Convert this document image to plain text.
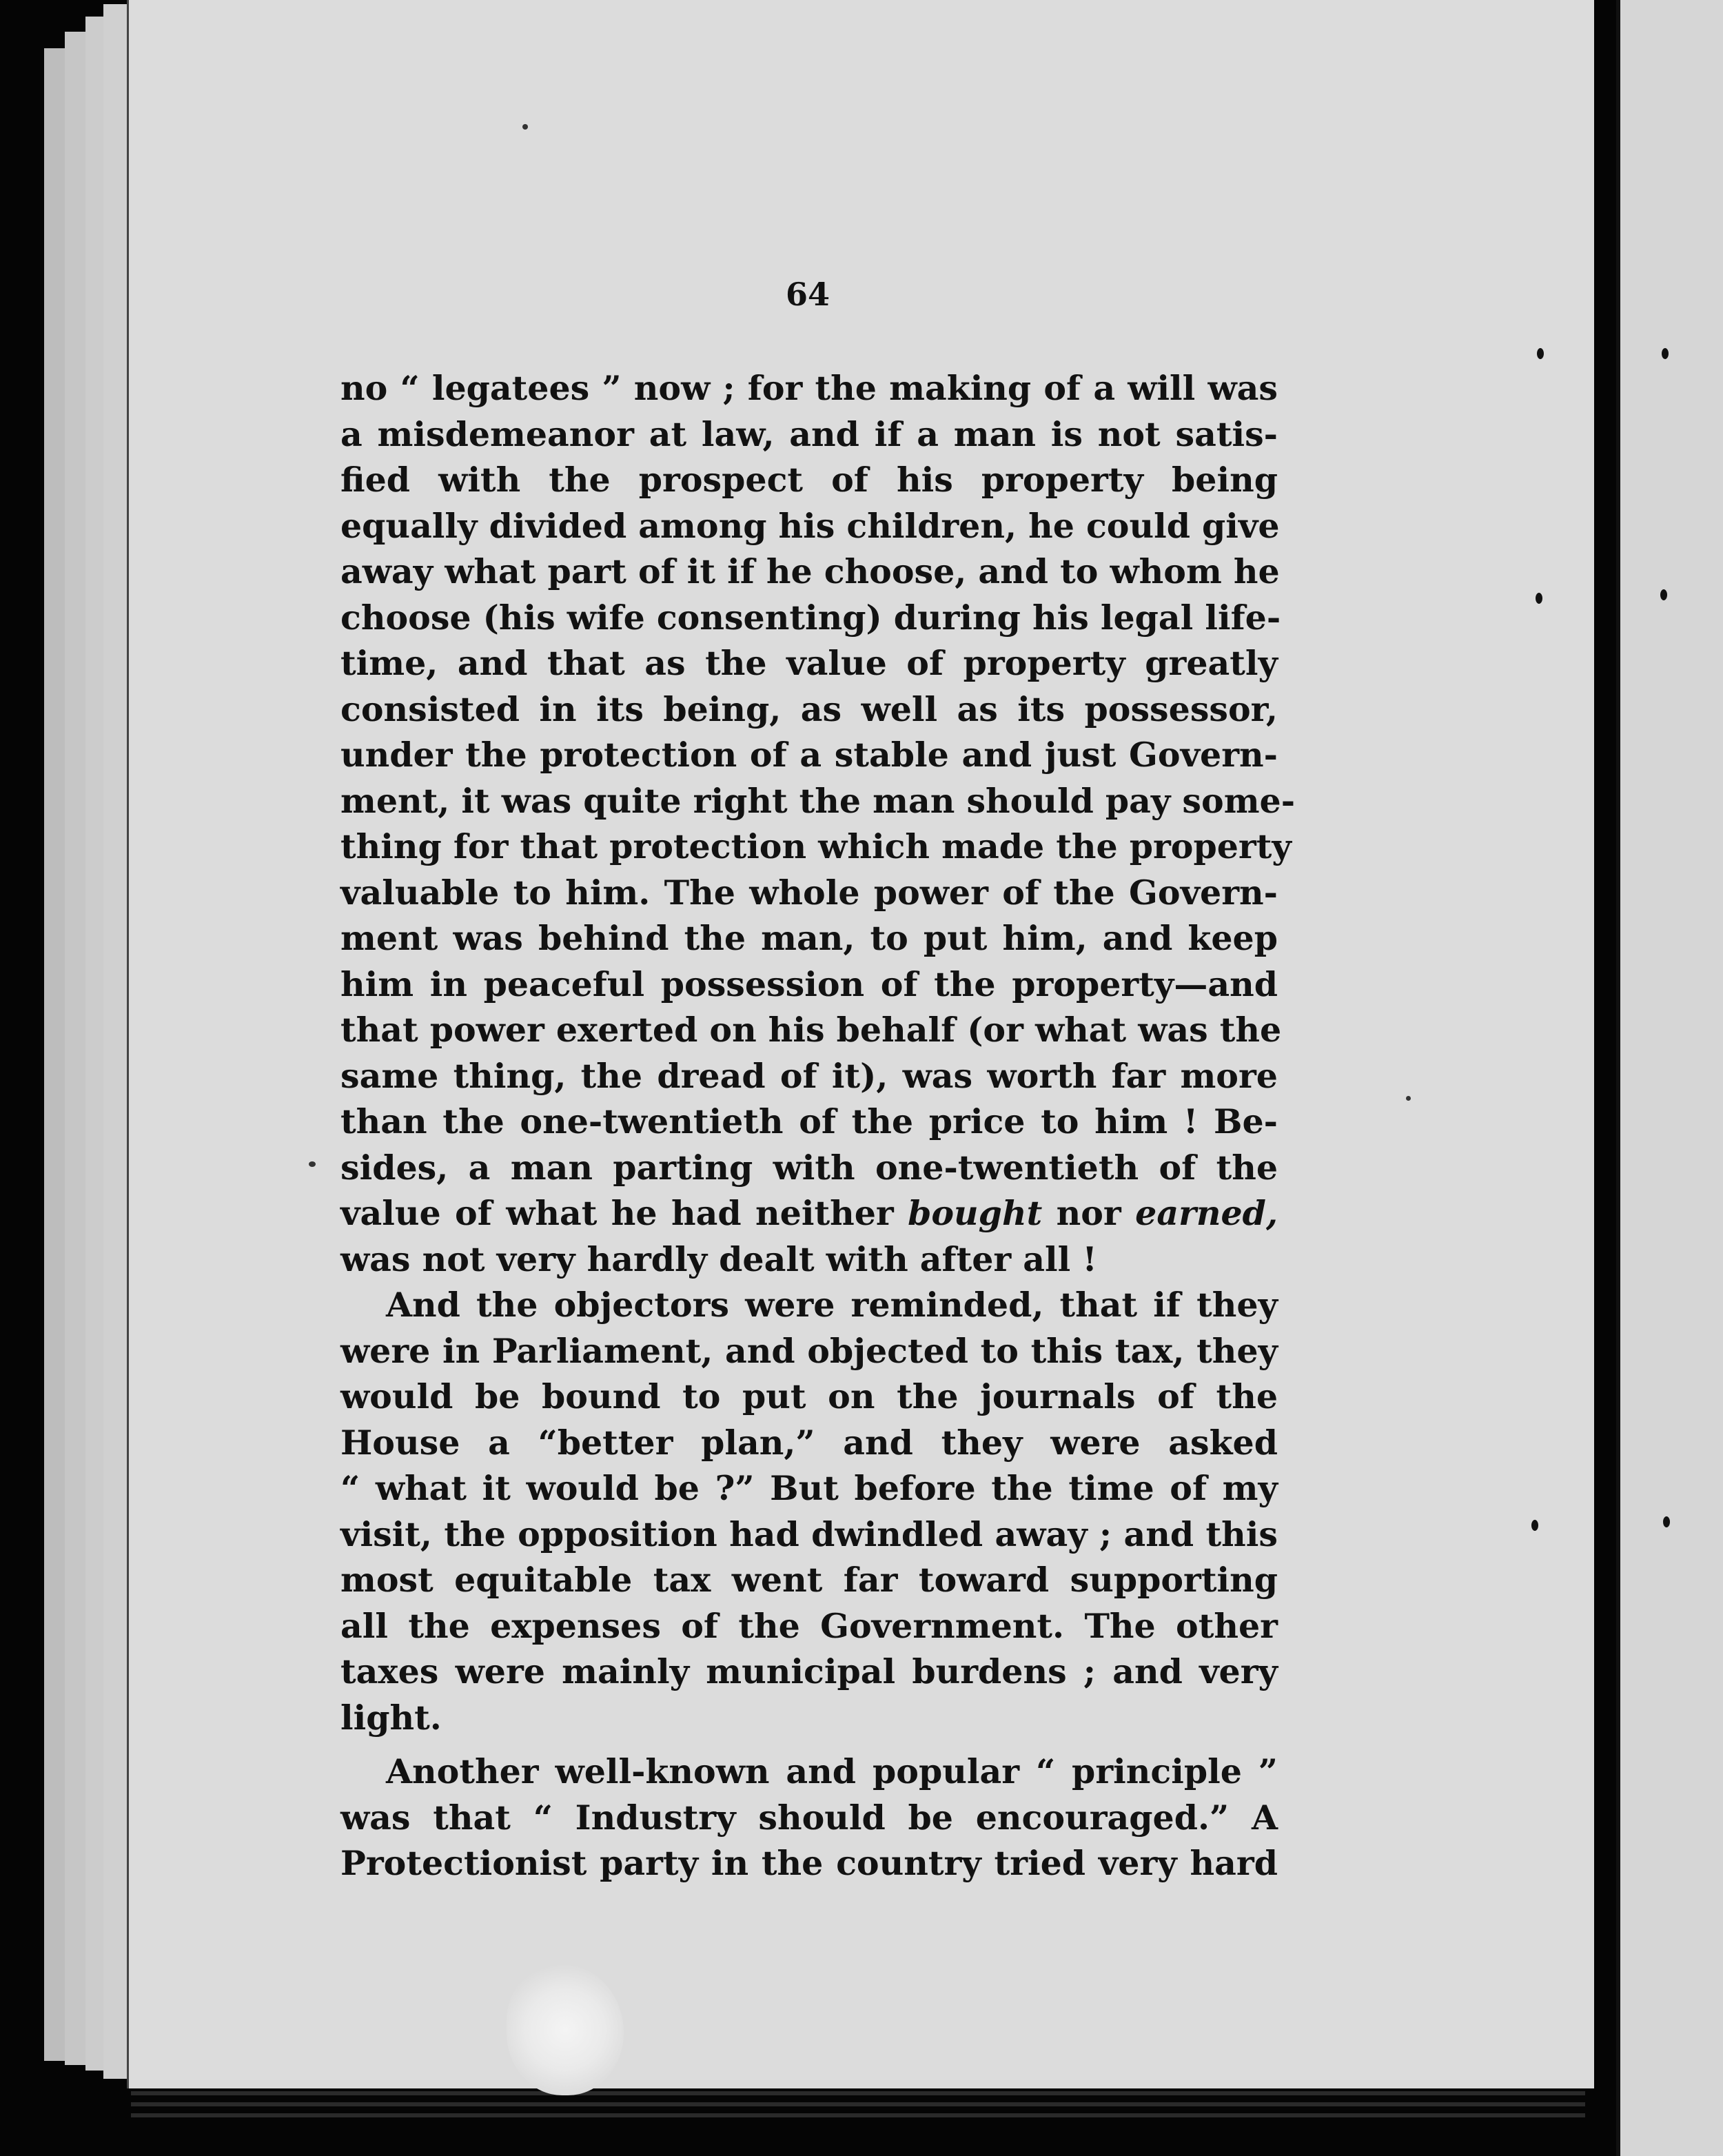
64

no “ legatees ” now ; for the making of a will was

a misdemeanor at law, and if a man is not satis-

fied with the prospect of his property being

equally divided among his children, he could give

away what part of it if he choose, and to whom he

choose (his wife consenting) during his legal life-

time, and that as the value of property greatly

consisted in its being, as well as its possessor,

under the protection of a stable and just Govern-

ment, it was quite right the man should pay some-

thing for that protection which made the property

valuable to him. The whole power of the Govern-

ment was behind the man, to put him, and keep

him in peaceful possession of the property—and

that power exerted on his behalf (or what was the

same thing, the dread of it), was worth far more

than the one-twentieth of the price to him ! Be-

sides, a man parting with one-twentieth of the

value of what he had neither bought nor earned,

was not very hardly dealt with after all !

And the objectors were reminded, that if they

were in Parliament, and objected to this tax, they

would be bound to put on the journals of the

House a “better plan,” and they were asked

“ what it would be ?” But before the time of my

visit, the opposition had dwindled away ; and this

most equitable tax went far toward supporting

all the expenses of the Government. The other

taxes were mainly municipal burdens ; and very

light.

Another well-known and popular “ principle ”

was that “ Industry should be encouraged.” A

Protectionist party in the country tried very hard
